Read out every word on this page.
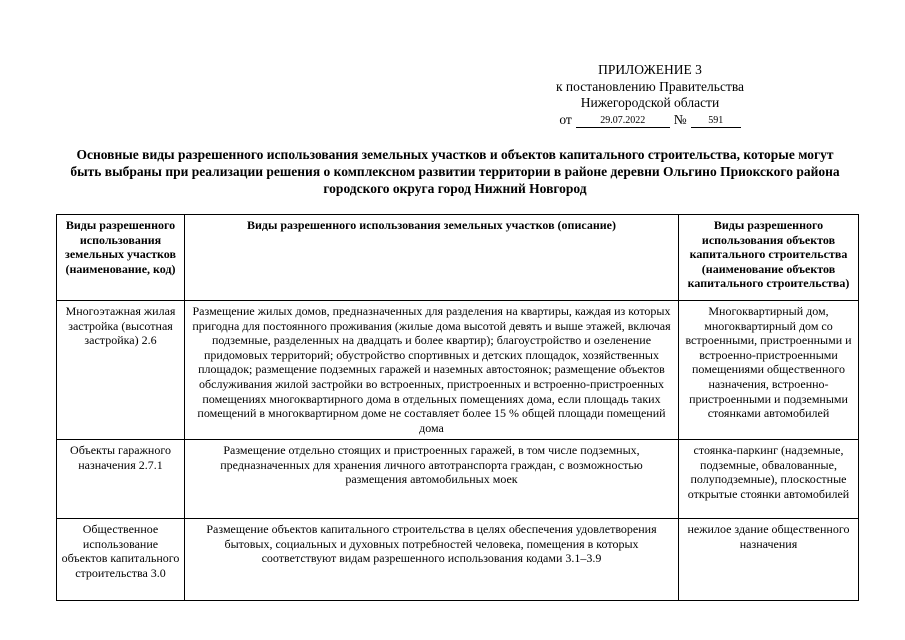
ПРИЛОЖЕНИЕ 3
к постановлению Правительства
Нижегородской области
от	29.07.2022	№	591
Основные виды разрешенного использования земельных участков и объектов капитального строительства, которые могут быть выбраны при реализации решения о комплексном развитии территории в районе деревни Ольгино Приокского района городского округа город Нижний Новгород
Виды разрешенного использования земельных участков (наименование, код)	Виды разрешенного использования земельных участков (описание)	Виды разрешенного использования объектов капитального строительства (наименование объектов капитального строительства)
Многоэтажная жилая застройка (высотная застройка) 2.6	Размещение жилых домов, предназначенных для разделения на квартиры, каждая из которых пригодна для постоянного проживания (жилые дома высотой девять и выше этажей, включая подземные, разделенных на двадцать и более квартир); благоустройство и озеленение придомовых территорий; обустройство спортивных и детских площадок, хозяйственных площадок; размещение подземных гаражей и наземных автостоянок; размещение объектов обслуживания жилой застройки во встроенных, пристроенных и встроенно-пристроенных помещениях многоквартирного дома в отдельных помещениях дома, если площадь таких помещений в многоквартирном доме не составляет более 15 % общей площади помещений дома	Многоквартирный дом, многоквартирный дом со встроенными, пристроенными и встроенно-пристроенными помещениями общественного назначения, встроенно-пристроенными и подземными стоянками автомобилей
Объекты гаражного назначения 2.7.1	Размещение отдельно стоящих и пристроенных гаражей, в том числе подземных, предназначенных для хранения личного автотранспорта граждан, с возможностью размещения автомобильных моек	стоянка-паркинг (надземные, подземные, обвалованные, полуподземные), плоскостные открытые стоянки автомобилей
Общественное использование объектов капитального строительства 3.0	Размещение объектов капитального строительства в целях обеспечения удовлетворения бытовых, социальных и духовных потребностей человека, помещения в которых соответствуют видам разрешенного использования кодами 3.1–3.9	нежилое здание общественного назначения
